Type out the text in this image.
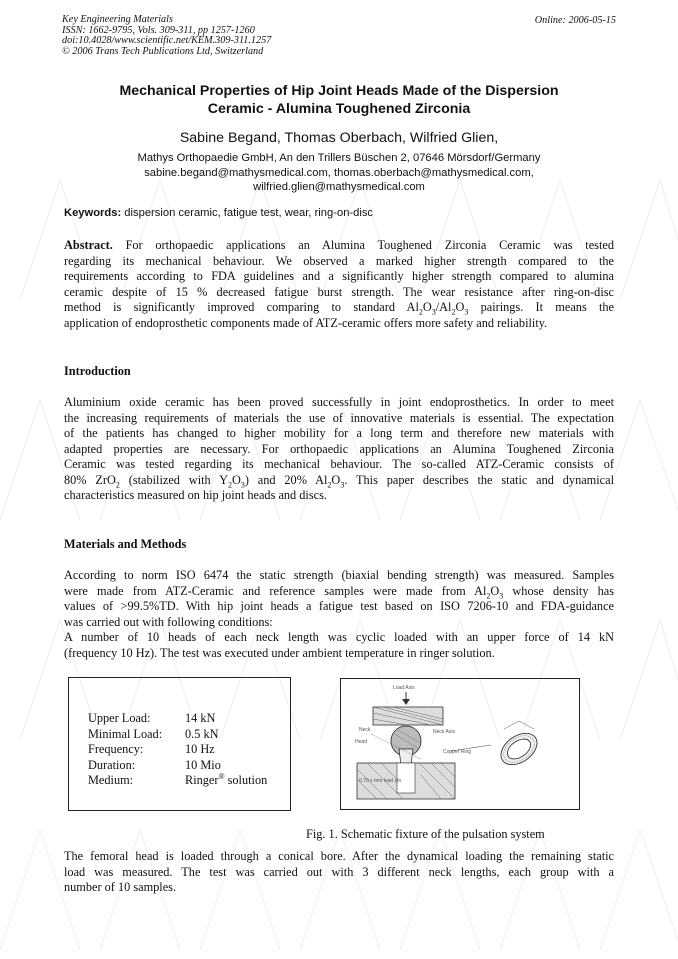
Key Engineering Materials
ISSN: 1662-9795, Vols. 309-311, pp 1257-1260
doi:10.4028/www.scientific.net/KEM.309-311.1257
© 2006 Trans Tech Publications Ltd, Switzerland
Online: 2006-05-15
Mechanical Properties of Hip Joint Heads Made of the Dispersion
Ceramic - Alumina Toughened Zirconia
Sabine Begand, Thomas Oberbach, Wilfried Glien,
Mathys Orthopaedie GmbH, An den Trillers Büschen 2, 07646 Mörsdorf/Germany
sabine.begand@mathysmedical.com, thomas.oberbach@mathysmedical.com,
wilfried.glien@mathysmedical.com
Keywords: dispersion ceramic, fatigue test, wear, ring-on-disc
Abstract. For orthopaedic applications an Alumina Toughened Zirconia Ceramic was tested
regarding its mechanical behaviour. We observed a marked higher strength compared to the
requirements according to FDA guidelines and a significantly higher strength compared to alumina
ceramic despite of 15 % decreased fatigue burst strength. The wear resistance after ring-on-disc
method is significantly improved comparing to standard $Al_2O_3/Al_2O_3$ pairings. It means the
application of endoprosthetic components made of ATZ-ceramic offers more safety and reliability.
Introduction
Aluminium oxide ceramic has been proved successfully in joint endoprosthetics. In order to meet
the increasing requirements of materials the use of innovative materials is essential. The expectation
of the patients has changed to higher mobility for a long term and therefore new materials with
adapted properties are necessary. For orthopaedic applications an Alumina Toughened Zirconia
Ceramic was tested regarding its mechanical behaviour. The so-called ATZ-Ceramic consists of
80% ZrO$_2$ (stabilized with $Y_2O_3$) and 20% $Al_2O_3$. This paper describes the static and dynamical
characteristics measured on hip joint heads and discs.
Materials and Methods
According to norm ISO 6474 the static strength (biaxial bending strength) was measured. Samples
were made from ATZ-Ceramic and reference samples were made from $Al_2O_3$ whose density has
values of >99.5%TD. With hip joint heads a fatigue test based on ISO 7206-10 and FDA-guidance
was carried out with following conditions:
A number of 10 heads of each neck length was cyclic loaded with an upper force of 14 kN
(frequency 10 Hz). The test was executed under ambient temperature in ringer solution.
Upper Load:	14 kN
Minimal Load:	0.5 kN
Frequency:	10 Hz
Duration:	10 Mio
Medium:	Ringer® solution
Load Axis
Neck
Head
Neck Axis
Copper Ring
0.70 x mm lead pin
Fig. 1. Schematic fixture of the pulsation system
The femoral head is loaded through a conical bore. After the dynamical loading the remaining static
load was measured. The test was carried out with 3 different neck lengths, each group with a
number of 10 samples.
